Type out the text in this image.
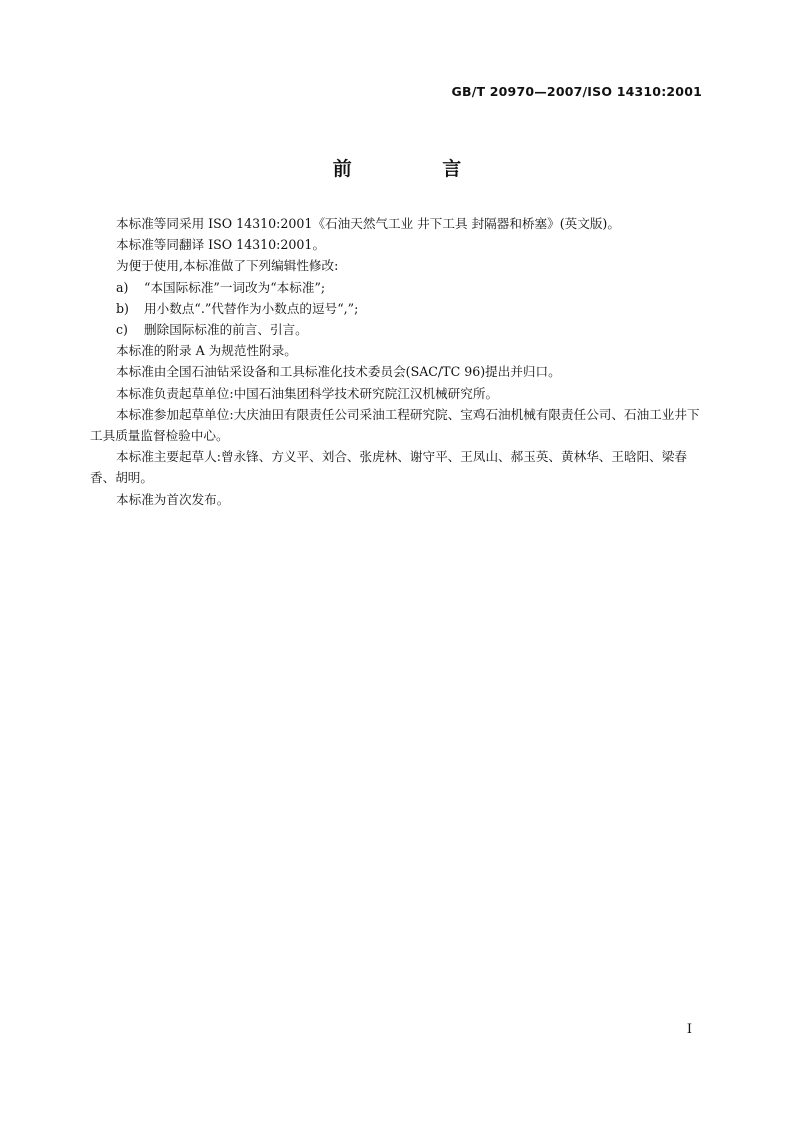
GB/T 20970—2007/ISO 14310:2001
前 言

本标准等同采用 ISO 14310:2001《石油天然气工业 井下工具 封隔器和桥塞》(英文版)。

本标准等同翻译 ISO 14310:2001。

为便于使用,本标准做了下列编辑性修改:

a) “本国际标准”一词改为“本标准”;

b) 用小数点“.”代替作为小数点的逗号“,”;

c) 删除国际标准的前言、引言。

本标准的附录 A 为规范性附录。

本标准由全国石油钻采设备和工具标准化技术委员会(SAC/TC 96)提出并归口。

本标准负责起草单位:中国石油集团科学技术研究院江汉机械研究所。

本标准参加起草单位:大庆油田有限责任公司采油工程研究院、宝鸡石油机械有限责任公司、石油工业井下工具质量监督检验中心。

本标准主要起草人:曾永锋、方义平、刘合、张虎林、谢守平、王凤山、郝玉英、黄林华、王晗阳、梁春香、胡明。

本标准为首次发布。

I
